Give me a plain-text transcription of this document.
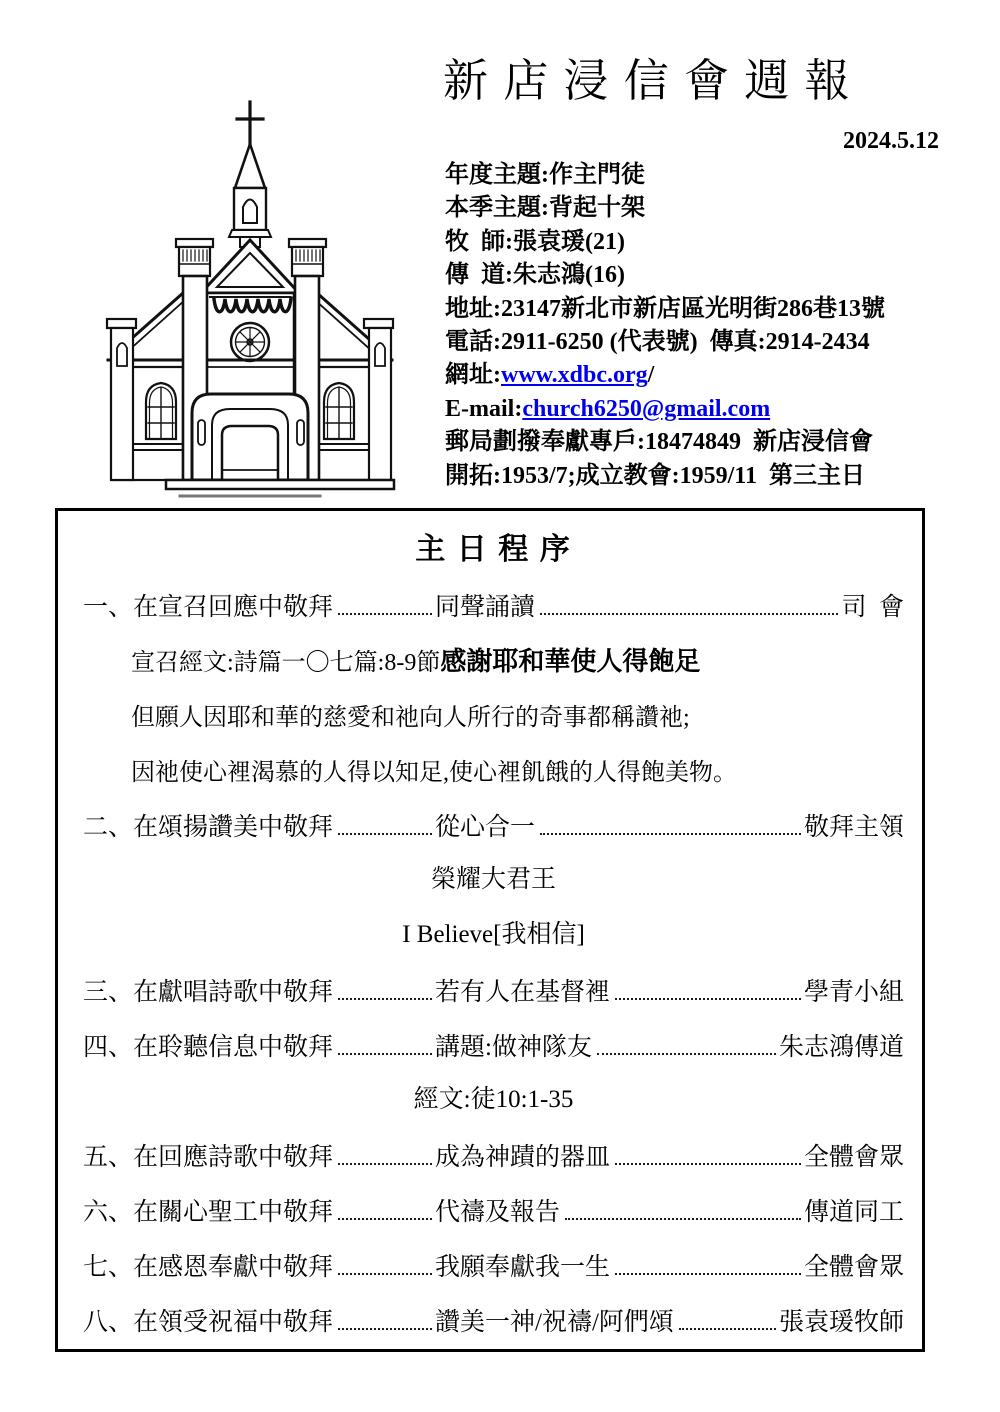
新 店 浸 信 會 週 報
2024.5.12
年度主題:作主門徒
本季主題:背起十架
牧  師:張袁瑗(21)
傳  道:朱志鴻(16)
地址:23147新北市新店區光明街286巷13號
電話:2911-6250 (代表號)  傳真:2914-2434
網址:www.xdbc.org/
E-mail:church6250@gmail.com
郵局劃撥奉獻專戶:18474849  新店浸信會
開拓:1953/7;成立教會:1959/11  第三主日
主 日 程 序
一、在宣召回應中敬拜	同聲誦讀	司  會
宣召經文:詩篇一〇七篇:8-9節 感謝耶和華使人得飽足
但願人因耶和華的慈愛和祂向人所行的奇事都稱讚祂;
因祂使心裡渴慕的人得以知足,使心裡飢餓的人得飽美物。
二、在頌揚讚美中敬拜	從心合一	敬拜主領
榮耀大君王
I Believe[我相信]
三、在獻唱詩歌中敬拜	若有人在基督裡	學青小組
四、在聆聽信息中敬拜	講題:做神隊友	朱志鴻傳道
經文:徒10:1-35
五、在回應詩歌中敬拜	成為神蹟的器皿	全體會眾
六、在關心聖工中敬拜	代禱及報告	傳道同工
七、在感恩奉獻中敬拜	我願奉獻我一生	全體會眾
八、在領受祝福中敬拜	讚美一神/祝禱/阿們頌	張袁瑗牧師
